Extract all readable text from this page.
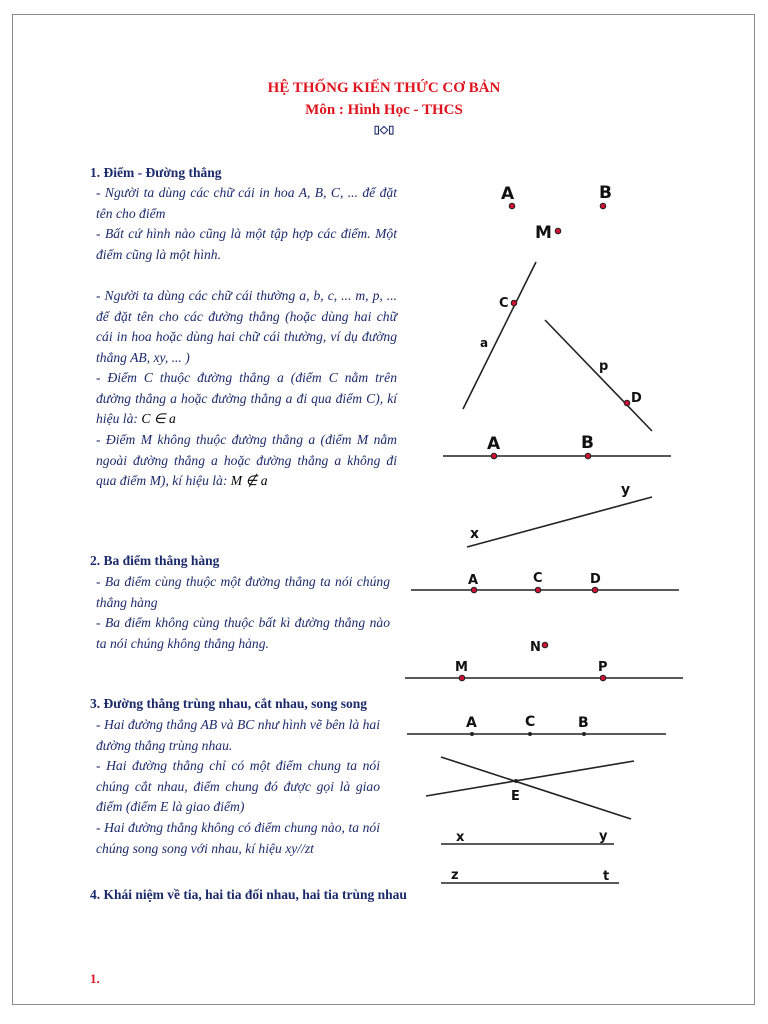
HỆ THỐNG KIẾN THỨC CƠ BẢN
Môn : Hình Học - THCS
▯◇▯
1. Điểm - Đường thẳng
- Người ta dùng các chữ cái in hoa A, B, C, ... để đặt tên cho điểm
- Bất cứ hình nào cũng là một tập hợp các điểm. Một điểm cũng là một hình.
- Người ta dùng các chữ cái thường a, b, c, ... m, p, ... để đặt tên cho các đường thẳng (hoặc dùng hai chữ cái in hoa hoặc dùng hai chữ cái thường, ví dụ đường thẳng AB, xy, ... )
- Điểm C thuộc đường thẳng a (điểm C nằm trên đường thẳng a hoặc đường thẳng a đi qua điểm C), kí hiệu là: C ∈ a
- Điểm M không thuộc đường thẳng a (điểm M nằm ngoài đường thẳng a hoặc đường thẳng a không đi qua điểm M), kí hiệu là: M ∉ a
2. Ba điểm thẳng hàng
- Ba điểm cùng thuộc một đường thẳng ta nói chúng thẳng hàng
- Ba điểm không cùng thuộc bất kì đường thẳng nào ta nói chúng không thẳng hàng.
3. Đường thẳng trùng nhau, cắt nhau, song song
- Hai đường thẳng AB và BC như hình vẽ bên là hai đường thẳng trùng nhau.
- Hai đường thẳng chỉ có một điểm chung ta nói chúng cắt nhau, điểm chung đó được gọi là giao điểm (điểm E là giao điểm)
- Hai đường thẳng không có điểm chung nào, ta nói chúng song song với nhau, kí hiệu xy//zt
4. Khái niệm về tia, hai tia đối nhau, hai tia trùng nhau
1.
A	B
M
C
a
p
D
A	B
y
x
A	C	D
N
M	P
A	C	B
E
x	y
z	t
